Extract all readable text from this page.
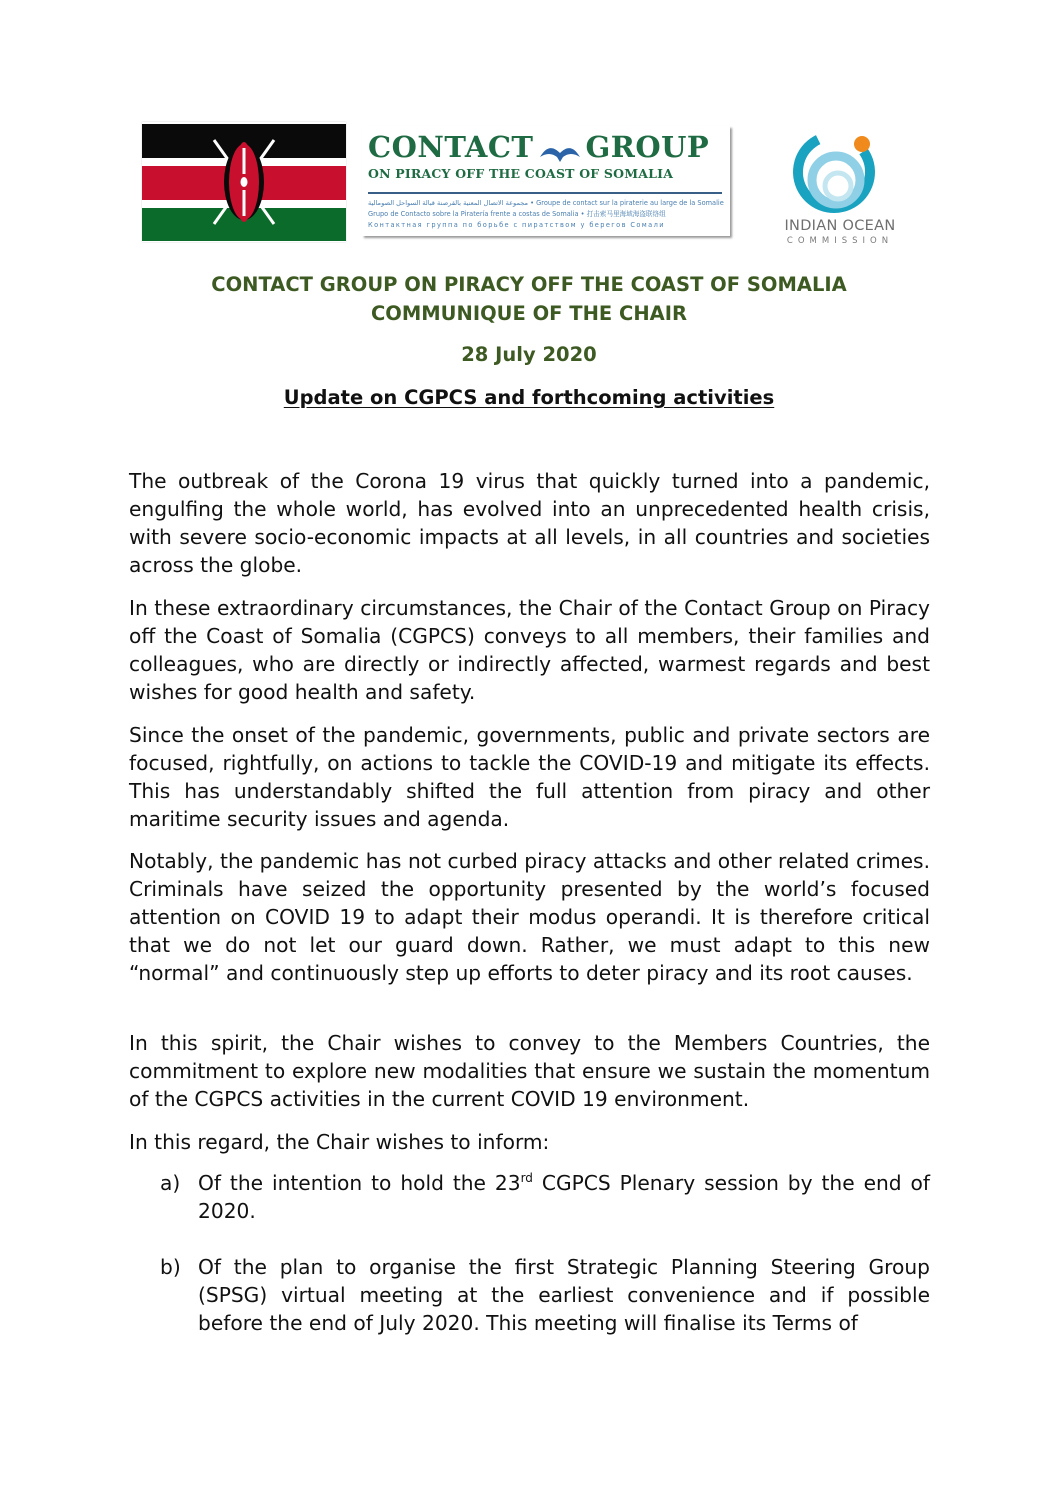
CONTACT GROUP
ON PIRACY OFF THE COAST OF SOMALIA
مجموعة الاتصال المعنية بالقرصنة قبالة السواحل الصومالية • Groupe de contact sur la piraterie au large de la Somalie
Grupo de Contacto sobre la Piratería frente a costas de Somalia • 打击索马里海域海盗联络组
Контактная группа по борьбе с пиратством у берегов Сомали	INDIAN OCEAN
COMMISSION
CONTACT GROUP ON PIRACY OFF THE COAST OF SOMALIA
COMMUNIQUE OF THE CHAIR
28 July 2020
Update on CGPCS and forthcoming activities

The outbreak of the Corona 19 virus that quickly turned into a pandemic, engulfing the whole world, has evolved into an unprecedented health crisis, with severe socio-economic impacts at all levels, in all countries and societies across the globe.

In these extraordinary circumstances, the Chair of the Contact Group on Piracy off the Coast of Somalia (CGPCS) conveys to all members, their families and colleagues, who are directly or indirectly affected, warmest regards and best wishes for good health and safety.

Since the onset of the pandemic, governments, public and private sectors are focused, rightfully, on actions to tackle the COVID-19 and mitigate its effects. This has understandably shifted the full attention from piracy and other maritime security issues and agenda.

Notably, the pandemic has not curbed piracy attacks and other related crimes. Criminals have seized the opportunity presented by the world’s focused attention on COVID 19 to adapt their modus operandi. It is therefore critical that we do not let our guard down. Rather, we must adapt to this new “normal” and continuously step up efforts to deter piracy and its root causes.

In this spirit, the Chair wishes to convey to the Members Countries, the commitment to explore new modalities that ensure we sustain the momentum of the CGPCS activities in the current COVID 19 environment.

In this regard, the Chair wishes to inform:

a) Of the intention to hold the 23rd CGPCS Plenary session by the end of 2020.
b) Of the plan to organise the first Strategic Planning Steering Group (SPSG) virtual meeting at the earliest convenience and if possible before the end of July 2020. This meeting will finalise its Terms of
